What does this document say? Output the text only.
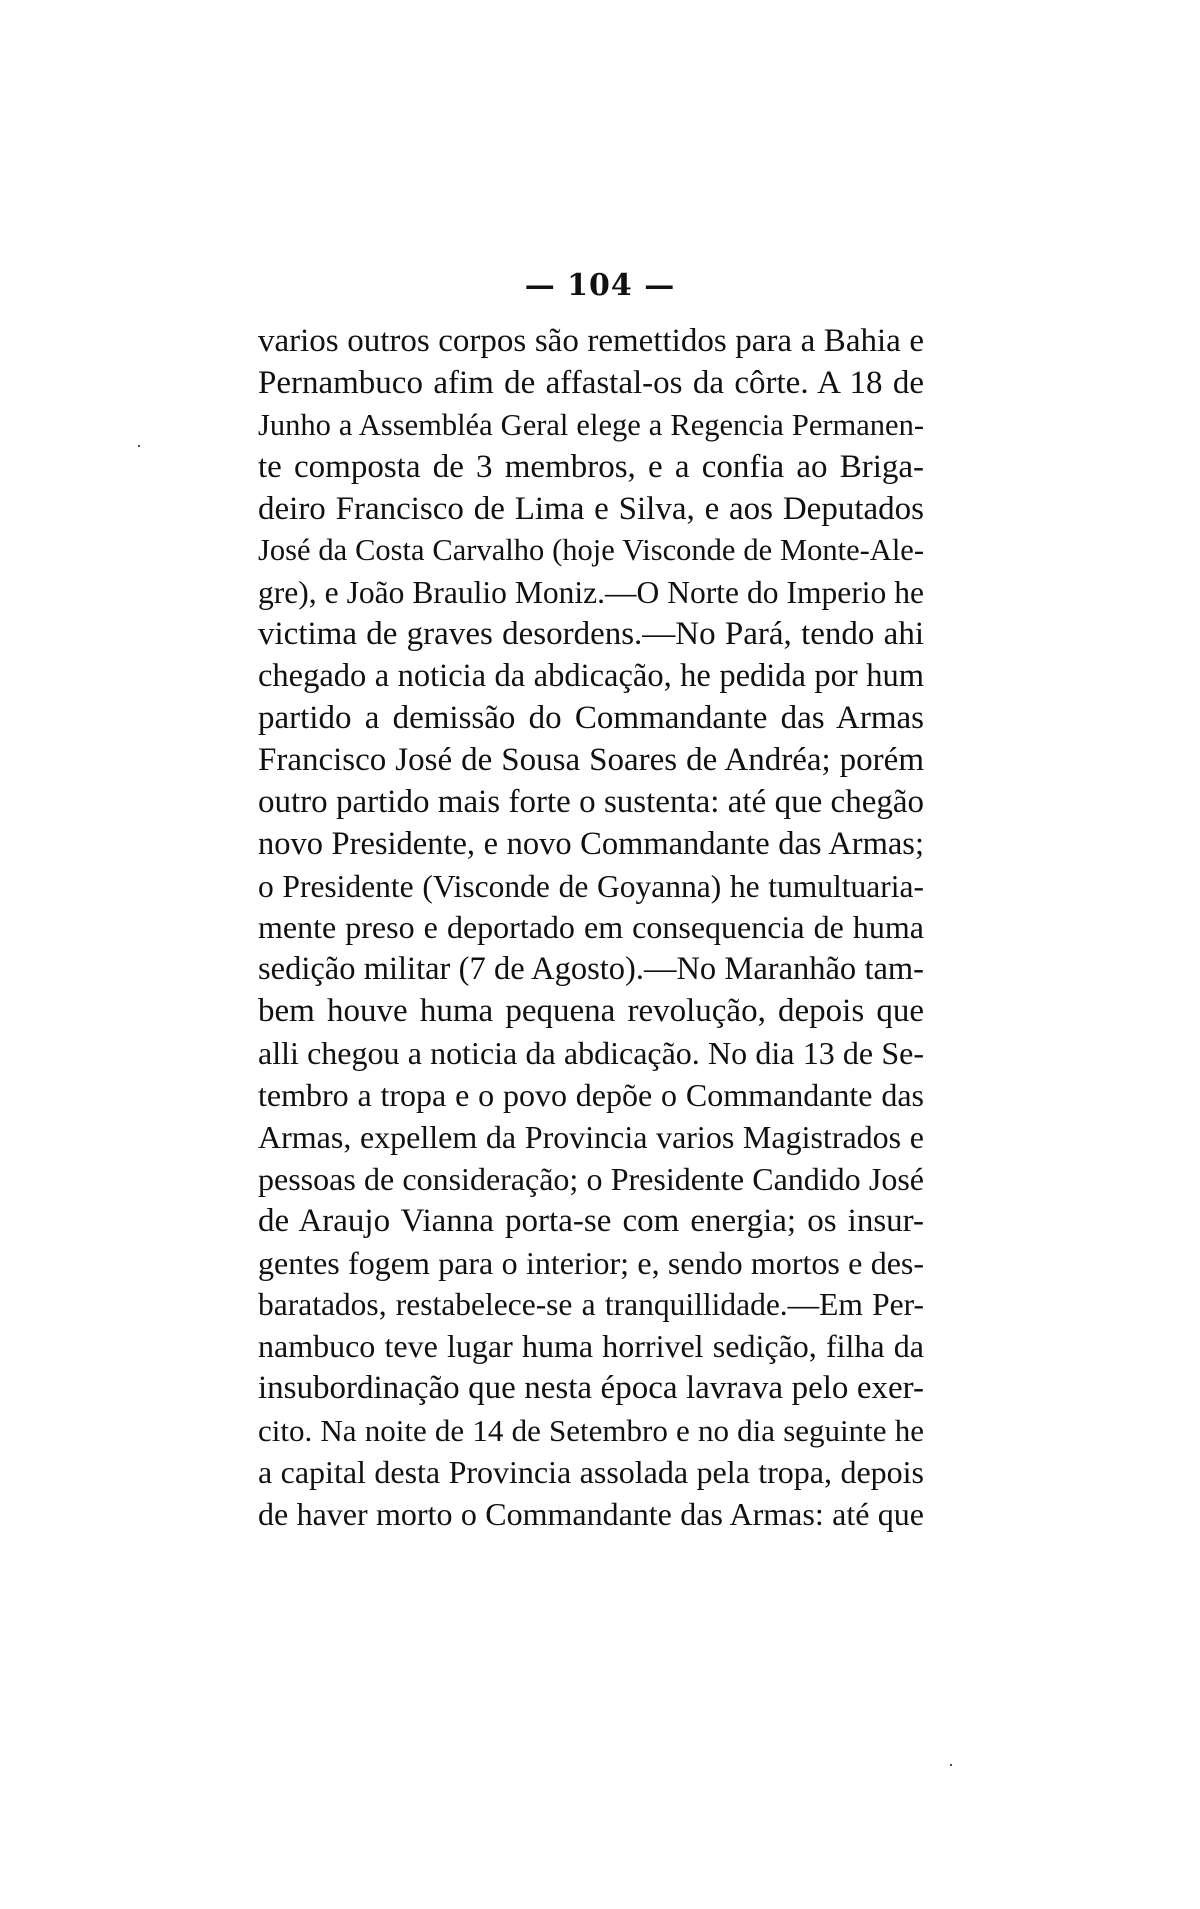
— 104 —
varios outros corpos são remettidos para a Bahia e
Pernambuco afim de affastal-os da côrte. A 18 de
Junho a Assembléa Geral elege a Regencia Permanen-
te composta de 3 membros, e a confia ao Briga-
deiro Francisco de Lima e Silva, e aos Deputados
José da Costa Carvalho (hoje Visconde de Monte-Ale-
gre), e João Braulio Moniz.—O Norte do Imperio he
victima de graves desordens.—No Pará, tendo ahi
chegado a noticia da abdicação, he pedida por hum
partido a demissão do Commandante das Armas
Francisco José de Sousa Soares de Andréa; porém
outro partido mais forte o sustenta: até que chegão
novo Presidente, e novo Commandante das Armas;
o Presidente (Visconde de Goyanna) he tumultuaria-
mente preso e deportado em consequencia de huma
sedição militar (7 de Agosto).—No Maranhão tam-
bem houve huma pequena revolução, depois que
alli chegou a noticia da abdicação. No dia 13 de Se-
tembro a tropa e o povo depõe o Commandante das
Armas, expellem da Provincia varios Magistrados e
pessoas de consideração; o Presidente Candido José
de Araujo Vianna porta-se com energia; os insur-
gentes fogem para o interior; e, sendo mortos e des-
baratados, restabelece-se a tranquillidade.—Em Per-
nambuco teve lugar huma horrivel sedição, filha da
insubordinação que nesta época lavrava pelo exer-
cito. Na noite de 14 de Setembro e no dia seguinte he
a capital desta Provincia assolada pela tropa, depois
de haver morto o Commandante das Armas: até que
·
·
